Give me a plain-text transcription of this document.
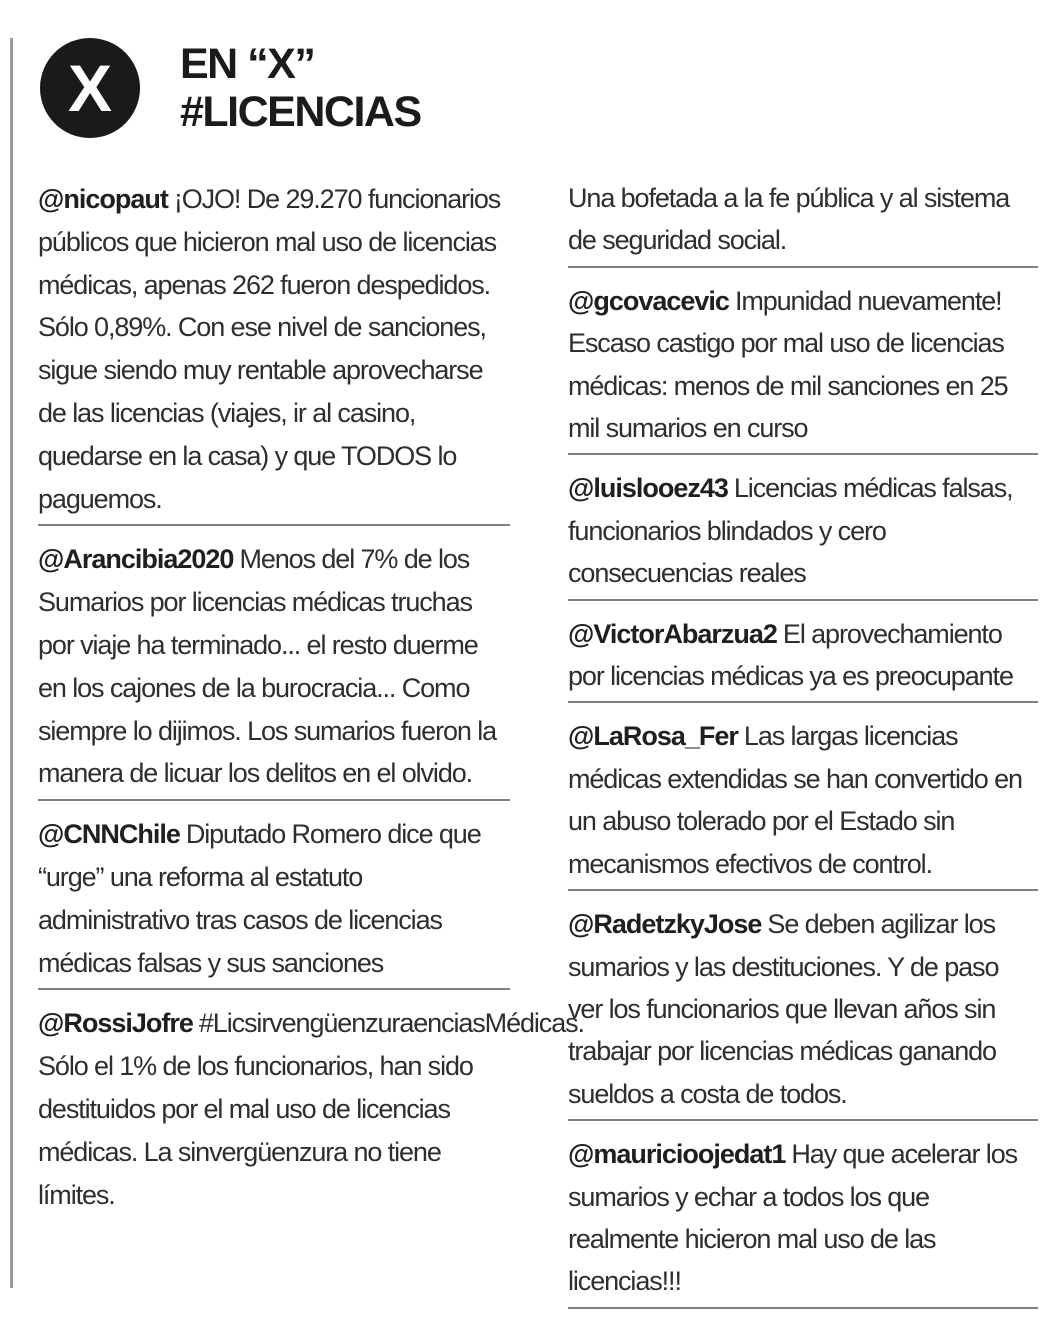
X EN “X”
#LICENCIAS
@nicopaut ¡OJO! De 29.270 funcionarios públicos que hicieron mal uso de licencias médicas, apenas 262 fueron despedidos. Sólo 0,89%. Con ese nivel de sanciones, sigue siendo muy rentable aprovecharse de las licencias (viajes, ir al casino, quedarse en la casa) y que TODOS lo paguemos.
@Arancibia2020 Menos del 7% de los Sumarios por licencias médicas truchas por viaje ha terminado... el resto duerme en los cajones de la burocracia... Como siempre lo dijimos. Los sumarios fueron la manera de licuar los delitos en el olvido.
@CNNChile Diputado Romero dice que “urge” una reforma al estatuto administrativo tras casos de licencias médicas falsas y sus sanciones
@RossiJofre #LicsirvengüenzuraenciasMédicas. Sólo el 1% de los funcionarios, han sido destituidos por el mal uso de licencias médicas. La sinvergüenzura no tiene límites.
Una bofetada a la fe pública y al sistema de seguridad social.
@gcovacevic Impunidad nuevamente! Escaso castigo por mal uso de licencias médicas: menos de mil sanciones en 25 mil sumarios en curso
@luislooez43 Licencias médicas falsas, funcionarios blindados y cero consecuencias reales
@VictorAbarzua2 El aprovechamiento por licencias médicas ya es preocupante
@LaRosa_Fer Las largas licencias médicas extendidas se han convertido en un abuso tolerado por el Estado sin mecanismos efectivos de control.
@RadetzkyJose Se deben agilizar los sumarios y las destituciones. Y de paso ver los funcionarios que llevan años sin trabajar por licencias médicas ganando sueldos a costa de todos.
@mauricioojedat1 Hay que acelerar los sumarios y echar a todos los que realmente hicieron mal uso de las licencias!!!
